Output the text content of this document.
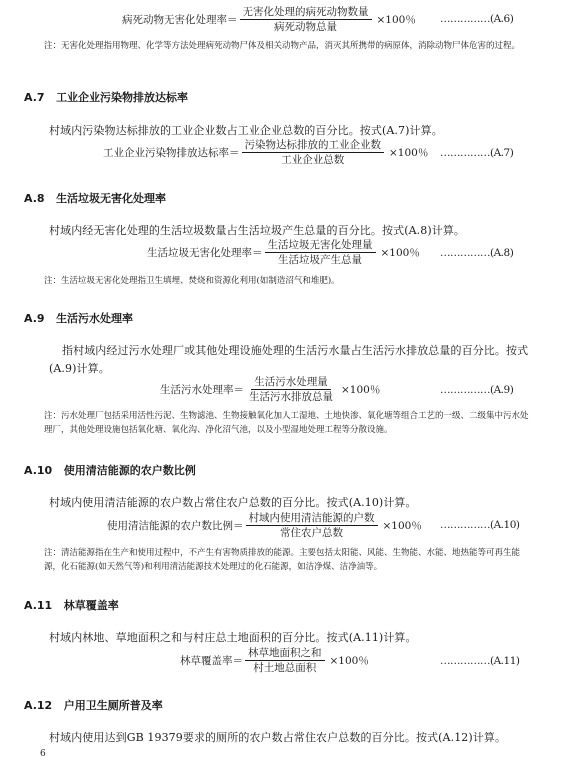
病死动物无害化处理率＝ $\frac{\text{无害化处理的病死动物数量}}{\text{病死动物总量}} \times 100$％ ……………(A.6)
注：无害化处理指用物理、化学等方法处理病死动物尸体及相关动物产品，消灭其所携带的病原体，消除动物尸体危害的过程。
A.7 工业企业污染物排放达标率
村域内污染物达标排放的工业企业数占工业企业总数的百分比。按式(A.7)计算。
工业企业污染物排放达标率＝ $\frac{\text{污染物达标排放的工业企业数}}{\text{工业企业总数}} \times 100$％ ……………(A.7)
A.8 生活垃圾无害化处理率
村域内经无害化处理的生活垃圾数量占生活垃圾产生总量的百分比。按式(A.8)计算。
生活垃圾无害化处理率＝ $\frac{\text{生活垃圾无害化处理量}}{\text{生活垃圾产生总量}} \times 100$％ ……………(A.8)
注：生活垃圾无害化处理指卫生填埋、焚烧和资源化利用(如制造沼气和堆肥)。
A.9 生活污水处理率
指村域内经过污水处理厂或其他处理设施处理的生活污水量占生活污水排放总量的百分比。按式
(A.9)计算。
生活污水处理率＝ $\frac{\text{生活污水处理量}}{\text{生活污水排放总量}} \times 100$％	……………(A.9)
注：污水处理厂包括采用活性污泥、生物滤池、生物接触氧化加人工湿地、土地快渗、氧化塘等组合工艺的一级、二级集中污水处理厂，其他处理设施包括氧化塘、氧化沟、净化沼气池，以及小型湿地处理工程等分散设施。
A.10 使用清洁能源的农户数比例
村域内使用清洁能源的农户数占常住农户总数的百分比。按式(A.10)计算。
使用清洁能源的农户数比例＝ $\frac{\text{村域内使用清洁能源的户数}}{\text{常住农户总数}} \times 100$％ ……………(A.10)
注：清洁能源指在生产和使用过程中，不产生有害物质排放的能源。主要包括太阳能、风能、生物能、水能、地热能等可再生能源，化石能源(如天然气等)和利用清洁能源技术处理过的化石能源，如洁净煤、洁净油等。
A.11 林草覆盖率
村域内林地、草地面积之和与村庄总土地面积的百分比。按式(A.11)计算。
林草覆盖率＝ $\frac{\text{林草地面积之和}}{\text{村土地总面积}} \times 100$％	……………(A.11)
A.12 户用卫生厕所普及率
村域内使用达到GB 19379要求的厕所的农户数占常住农户总数的百分比。按式(A.12)计算。
6
